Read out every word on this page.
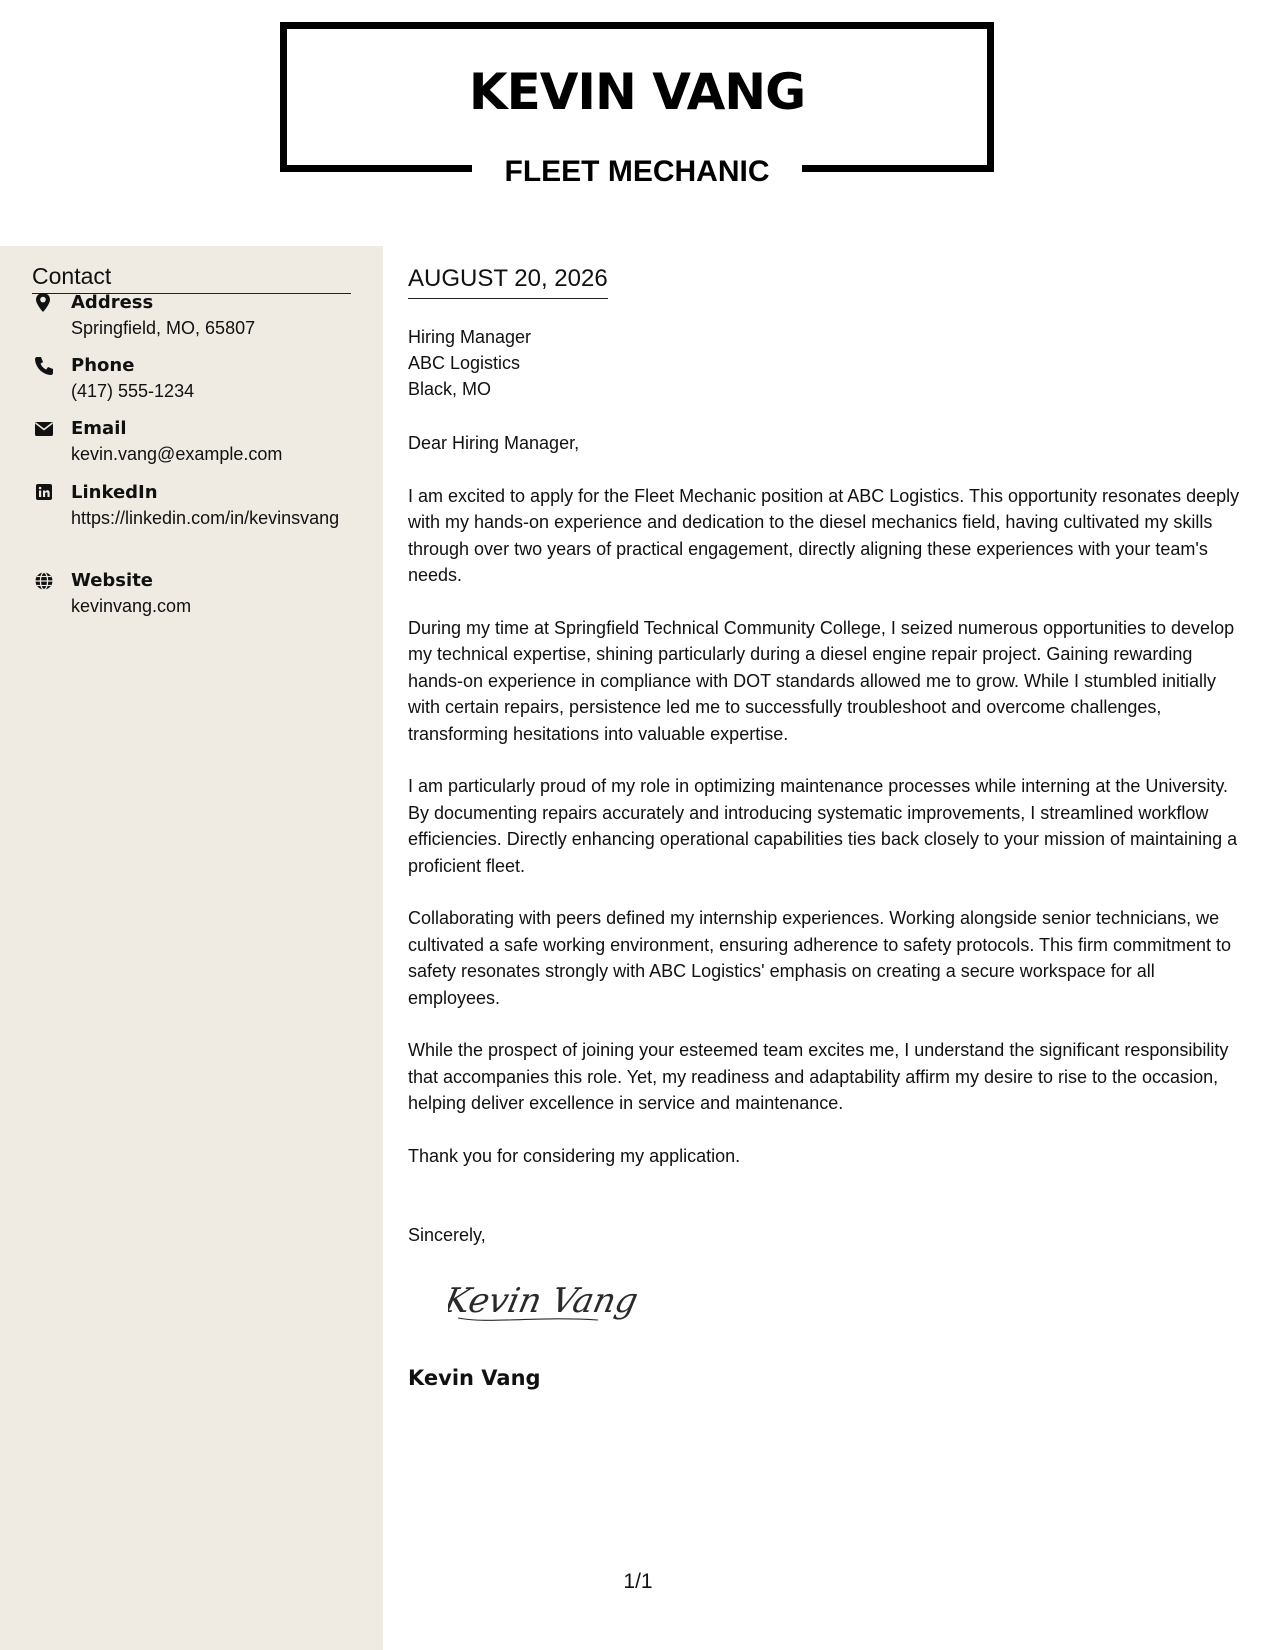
KEVIN VANG
FLEET MECHANIC
Contact
Address
Springfield, MO, 65807
Phone
(417) 555-1234
Email
kevin.vang@example.com
LinkedIn
https://linkedin.com/in/kevinsvang
Website
kevinvang.com
AUGUST 20, 2026
Hiring Manager
ABC Logistics
Black, MO

Dear Hiring Manager,

I am excited to apply for the Fleet Mechanic position at ABC Logistics. This opportunity resonates deeply with my hands-on experience and dedication to the diesel mechanics field, having cultivated my skills through over two years of practical engagement, directly aligning these experiences with your team's needs.

During my time at Springfield Technical Community College, I seized numerous opportunities to develop my technical expertise, shining particularly during a diesel engine repair project. Gaining rewarding hands-on experience in compliance with DOT standards allowed me to grow. While I stumbled initially with certain repairs, persistence led me to successfully troubleshoot and overcome challenges, transforming hesitations into valuable expertise.

I am particularly proud of my role in optimizing maintenance processes while interning at the University. By documenting repairs accurately and introducing systematic improvements, I streamlined workflow efficiencies. Directly enhancing operational capabilities ties back closely to your mission of maintaining a proficient fleet.

Collaborating with peers defined my internship experiences. Working alongside senior technicians, we cultivated a safe working environment, ensuring adherence to safety protocols. This firm commitment to safety resonates strongly with ABC Logistics' emphasis on creating a secure workspace for all employees.

While the prospect of joining your esteemed team excites me, I understand the significant responsibility that accompanies this role. Yet, my readiness and adaptability affirm my desire to rise to the occasion, helping deliver excellence in service and maintenance.

Thank you for considering my application.

Sincerely,
Kevin Vang
Kevin Vang
1/1
